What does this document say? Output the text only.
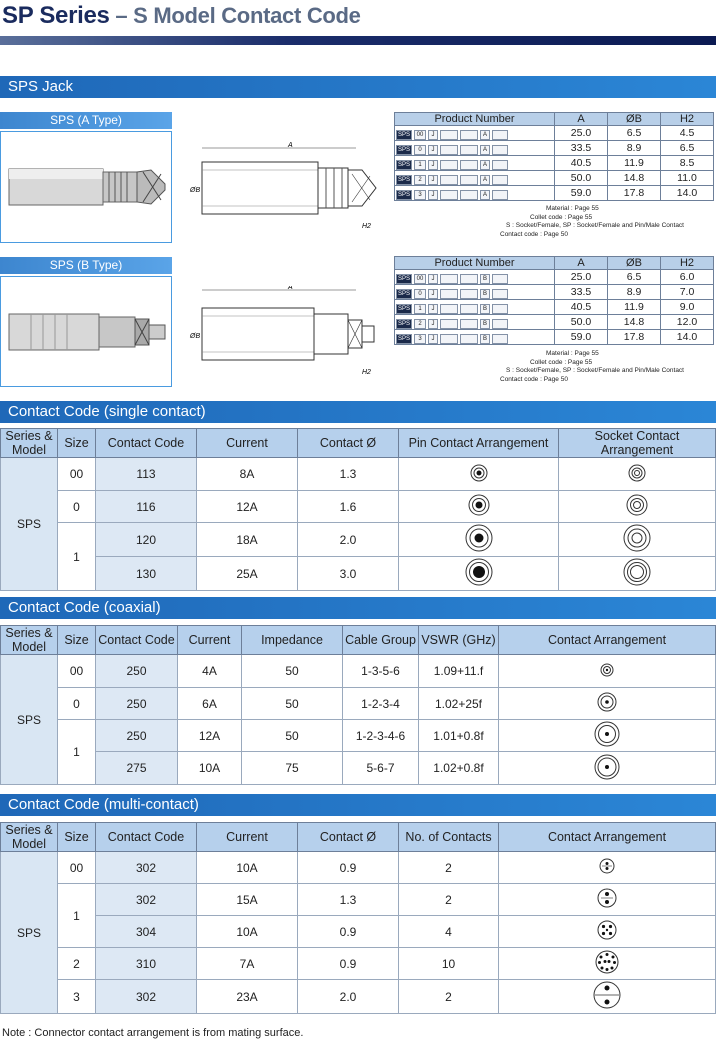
SP Series – S Model Contact Code
SPS Jack
SPS (A Type)
A
ØB
H2
Product Number	A	ØB	H2

SPS 00 J A	25.0	6.5	4.5

SPS 0 J A	33.5	8.9	6.5

SPS 1 J A	40.5	11.9	8.5

SPS 2 J A	50.0	14.8	11.0

SPS 3 J A	59.0	17.8	14.0
Material : Page 55
Collet code : Page 55
S : Socket/Female, SP : Socket/Female and Pin/Male Contact
Contact code : Page 50
SPS (B Type)
A
ØB
H2
Product Number	A	ØB	H2

SPS 00 J B	25.0	6.5	6.0

SPS 0 J B	33.5	8.9	7.0

SPS 1 J B	40.5	11.9	9.0

SPS 2 J B	50.0	14.8	12.0

SPS 3 J B	59.0	17.8	14.0
Material : Page 55
Collet code : Page 55
S : Socket/Female, SP : Socket/Female and Pin/Male Contact
Contact code : Page 50
Contact Code (single contact)
Series & Model	Size	Contact Code	Current	Contact Ø	Pin Contact Arrangement	Socket Contact Arrangement
SPS	00	113	8A	1.3		
	0	116	12A	1.6		
	1	120	18A	2.0		
		130	25A	3.0		
Contact Code (coaxial)
Series & Model	Size	Contact Code	Current	Impedance	Cable Group	VSWR (GHz)	Contact Arrangement
SPS	00	250	4A	50	1-3-5-6	1.09+11.f	
	0	250	6A	50	1-2-3-4	1.02+25f	
	1	250	12A	50	1-2-3-4-6	1.01+0.8f	
		275	10A	75	5-6-7	1.02+0.8f	
Contact Code (multi-contact)
Series & Model	Size	Contact Code	Current	Contact Ø	No. of Contacts	Contact Arrangement
SPS	00	302	10A	0.9	2	
	1	302	15A	1.3	2	
		304	10A	0.9	4	
	2	310	7A	0.9	10	
	3	302	23A	2.0	2	
Note : Connector contact arrangement is from mating surface.
